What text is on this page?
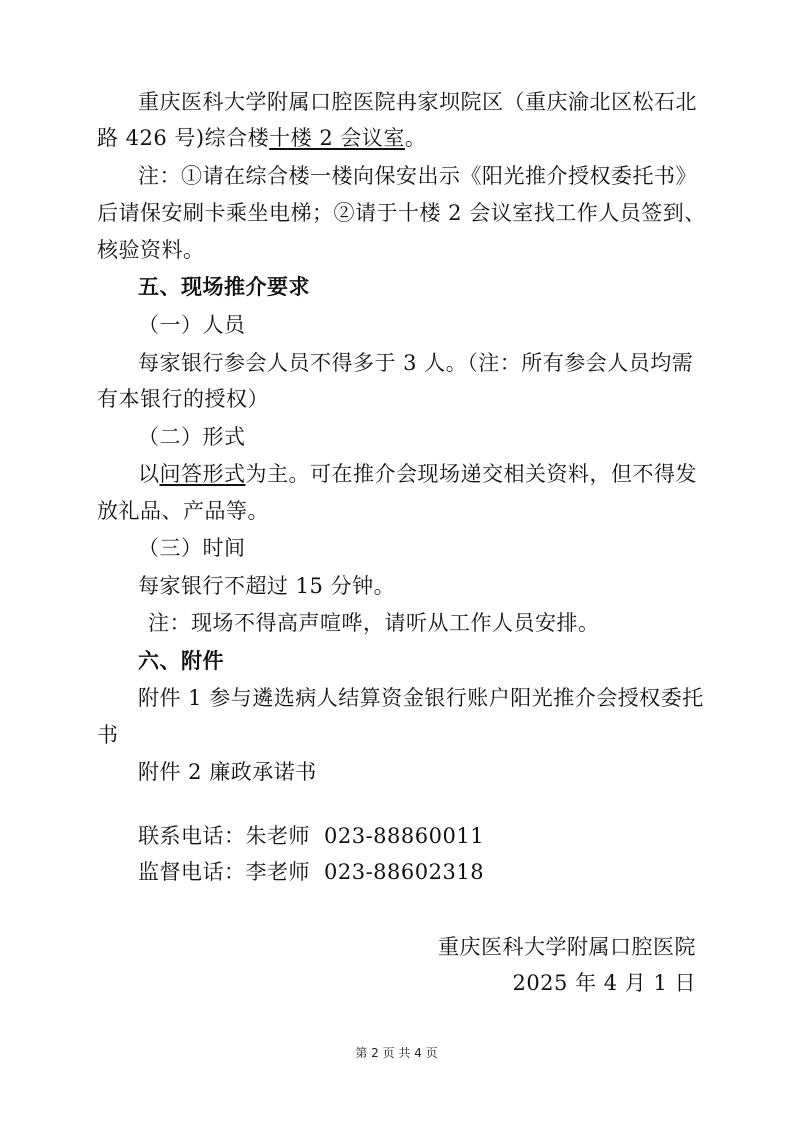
重庆医科大学附属口腔医院冉家坝院区（重庆渝北区松石北
路 426 号)综合楼十楼 2 会议室。
注：①请在综合楼一楼向保安出示《阳光推介授权委托书》
后请保安刷卡乘坐电梯；②请于十楼 2 会议室找工作人员签到、
核验资料。
五、现场推介要求
（一）人员
每家银行参会人员不得多于 3 人。（注：所有参会人员均需
有本银行的授权）
（二）形式
以问答形式为主。可在推介会现场递交相关资料，但不得发
放礼品、产品等。
（三）时间
每家银行不超过 15 分钟。
注：现场不得高声喧哗，请听从工作人员安排。
六、附件
附件 1 参与遴选病人结算资金银行账户阳光推介会授权委托
书
附件 2 廉政承诺书
联系电话：朱老师 023-88860011
监督电话：李老师 023-88602318
重庆医科大学附属口腔医院
2025 年 4 月 1 日
第 2 页 共 4 页
